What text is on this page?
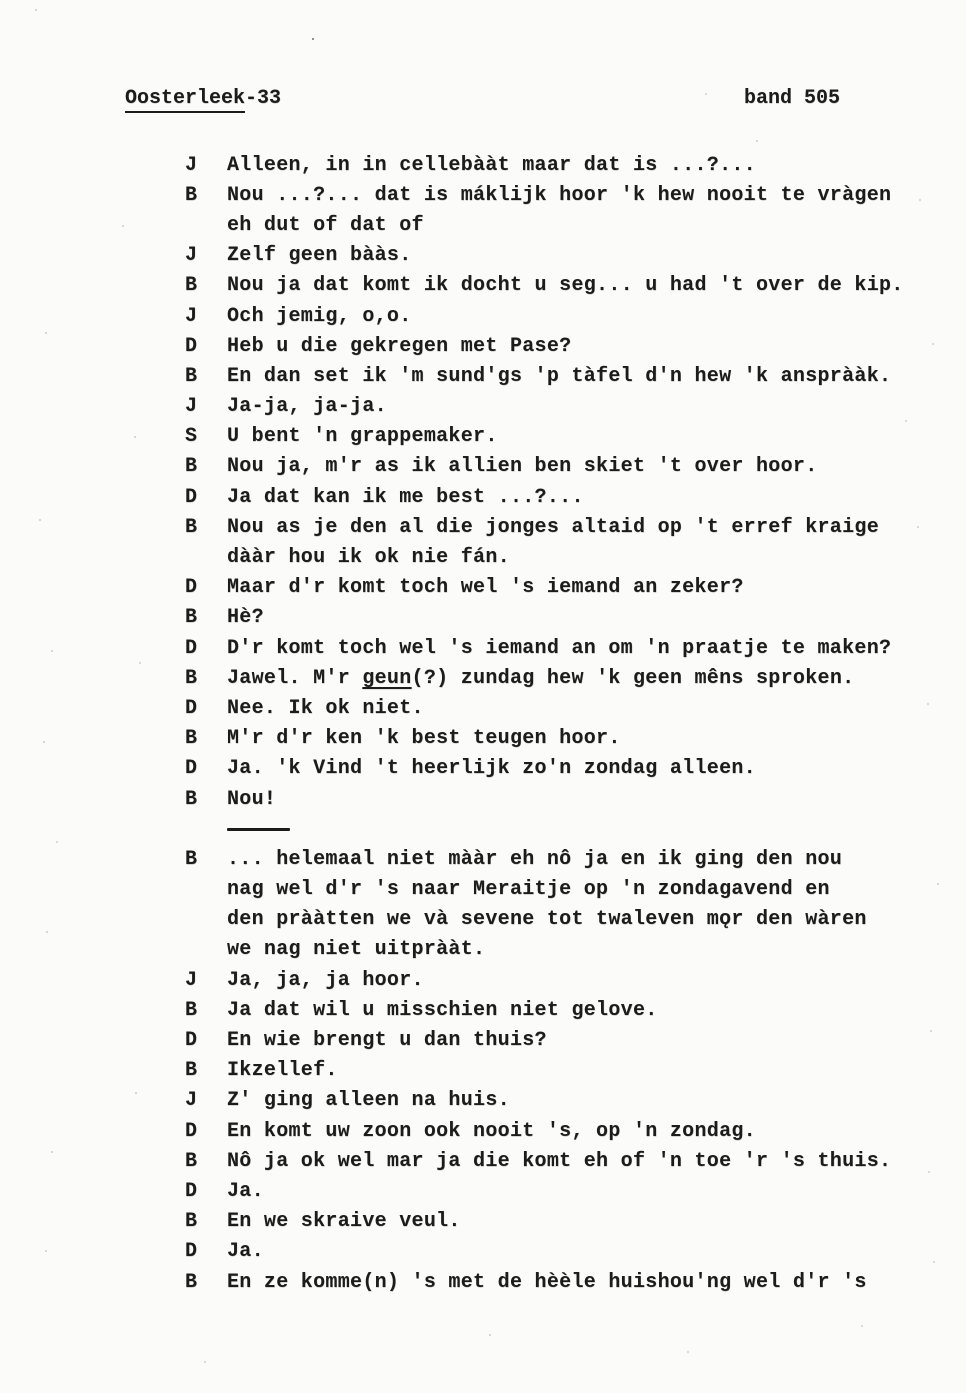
Oosterleek-33	band 505
J	Alleen, in in cellebààt maar dat is ...?...
B	Nou ...?... dat is máklijk hoor 'k hew nooit te vràgen
eh dut of dat of
J	Zelf geen bààs.
B	Nou ja dat komt ik docht u seg... u had 't over de kip.
J	Och jemig, o,o.
D	Heb u die gekregen met Pase?
B	En dan set ik 'm sund'gs 'p tàfel d'n hew 'k ansprààk.
J	Ja-ja, ja-ja.
S	U bent 'n grappemaker.
B	Nou ja, m'r as ik allien ben skiet 't over hoor.
D	Ja dat kan ik me best ...?...
B	Nou as je den al die jonges altaid op 't erref kraige
dààr hou ik ok nie fán.
D	Maar d'r komt toch wel 's iemand an zeker?
B	Hè?
D	D'r komt toch wel 's iemand an om 'n praatje te maken?
B	Jawel. M'r geun(?) zundag hew 'k geen mêns sproken.
D	Nee. Ik ok niet.
B	M'r d'r ken 'k best teugen hoor.
D	Ja. 'k Vind 't heerlijk zo'n zondag alleen.
B	Nou!
B	... helemaal niet mààr eh nô ja en ik ging den nou
nag wel d'r 's naar Meraitje op 'n zondagavend en
den prààtten we và sevene tot twaleven mǫr den wàren
we nag niet uitprààt.
J	Ja, ja, ja hoor.
B	Ja dat wil u misschien niet gelove.
D	En wie brengt u dan thuis?
B	Ikzellef.
J	Z' ging alleen na huis.
D	En komt uw zoon ook nooit 's, op 'n zondag.
B	Nô ja ok wel mar ja die komt eh of 'n toe 'r 's thuis.
D	Ja.
B	En we skraive veul.
D	Ja.
B	En ze komme(n) 's met de hèèle huishou'ng wel d'r 's
